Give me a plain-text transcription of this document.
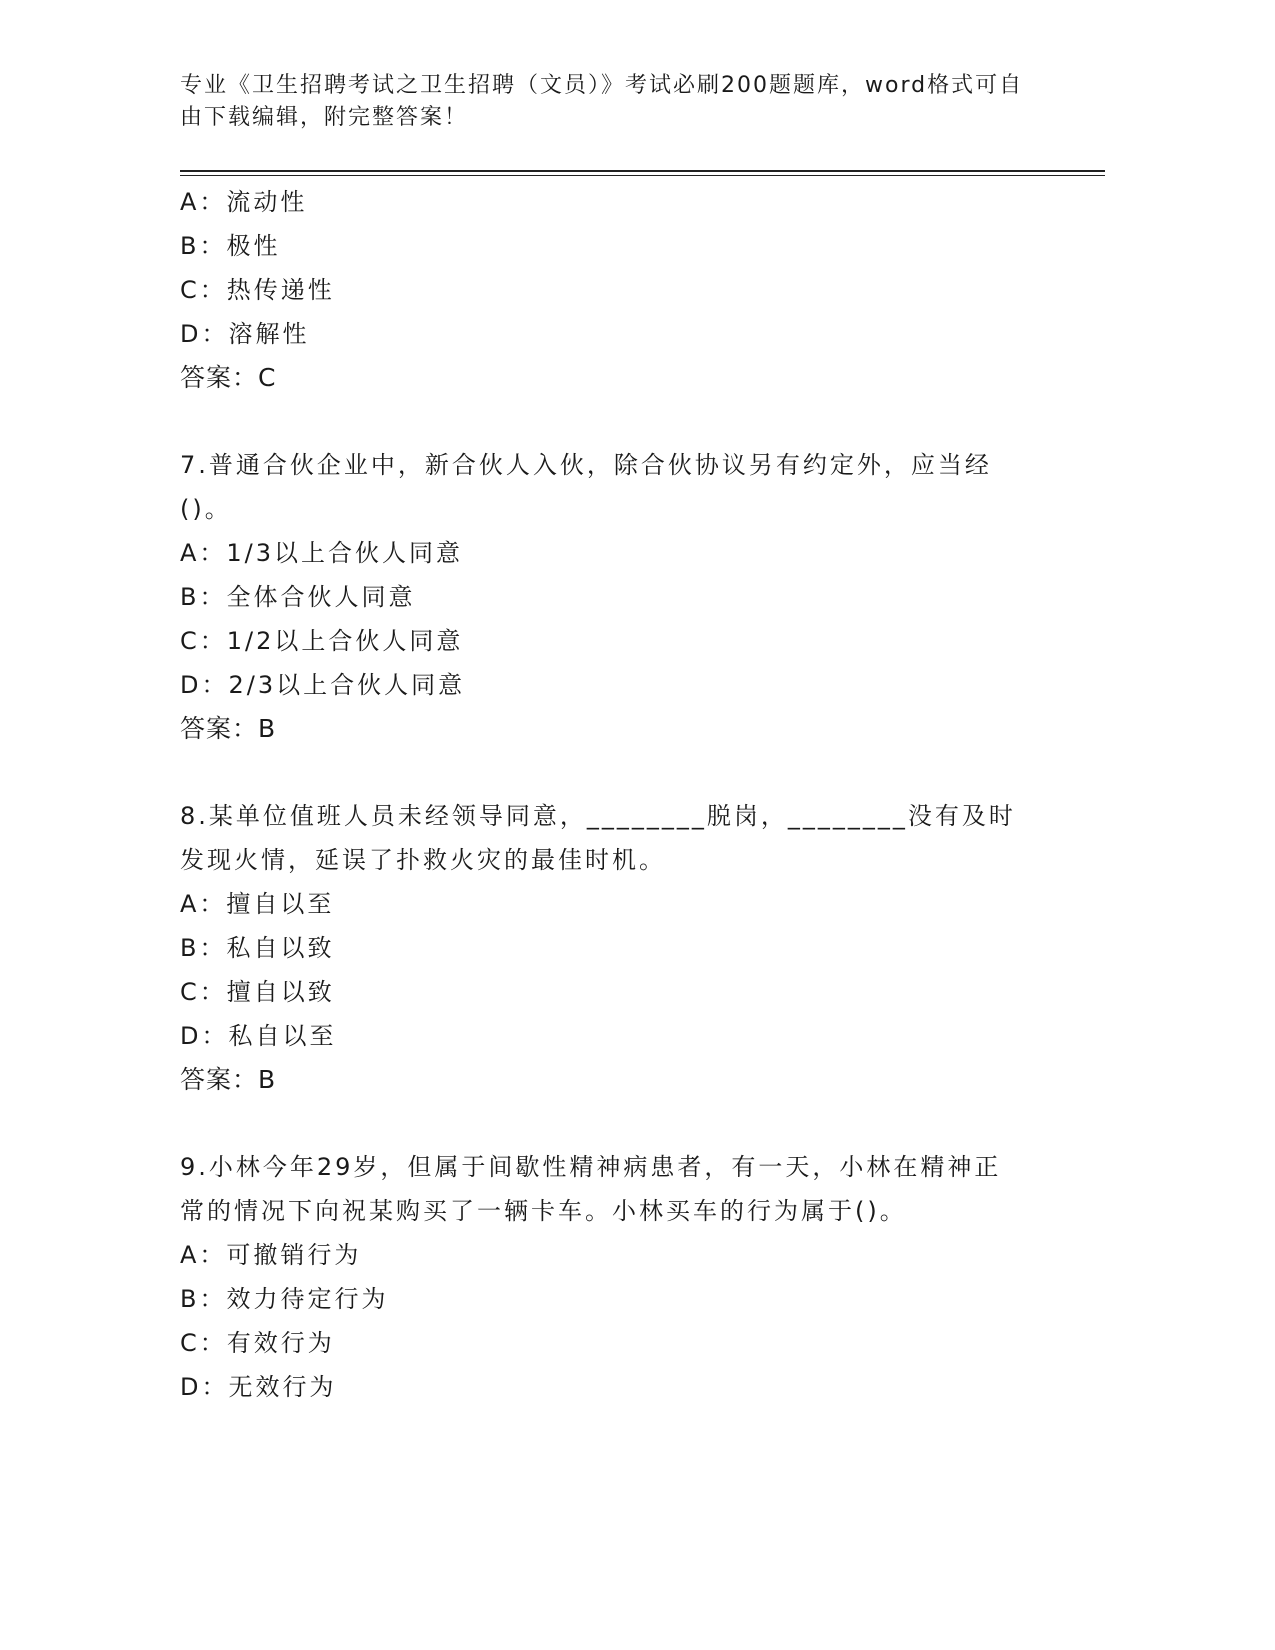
专业《卫生招聘考试之卫生招聘（文员）》考试必刷200题题库，word格式可自
由下载编辑，附完整答案！
A：流动性
B：极性
C：热传递性
D：溶解性
答案：C
7.普通合伙企业中，新合伙人入伙，除合伙协议另有约定外，应当经
()。
A：1/3以上合伙人同意
B：全体合伙人同意
C：1/2以上合伙人同意
D：2/3以上合伙人同意
答案：B
8.某单位值班人员未经领导同意，________脱岗，________没有及时
发现火情，延误了扑救火灾的最佳时机。
A：擅自以至
B：私自以致
C：擅自以致
D：私自以至
答案：B
9.小林今年29岁，但属于间歇性精神病患者，有一天，小林在精神正
常的情况下向祝某购买了一辆卡车。小林买车的行为属于()。
A：可撤销行为
B：效力待定行为
C：有效行为
D：无效行为
